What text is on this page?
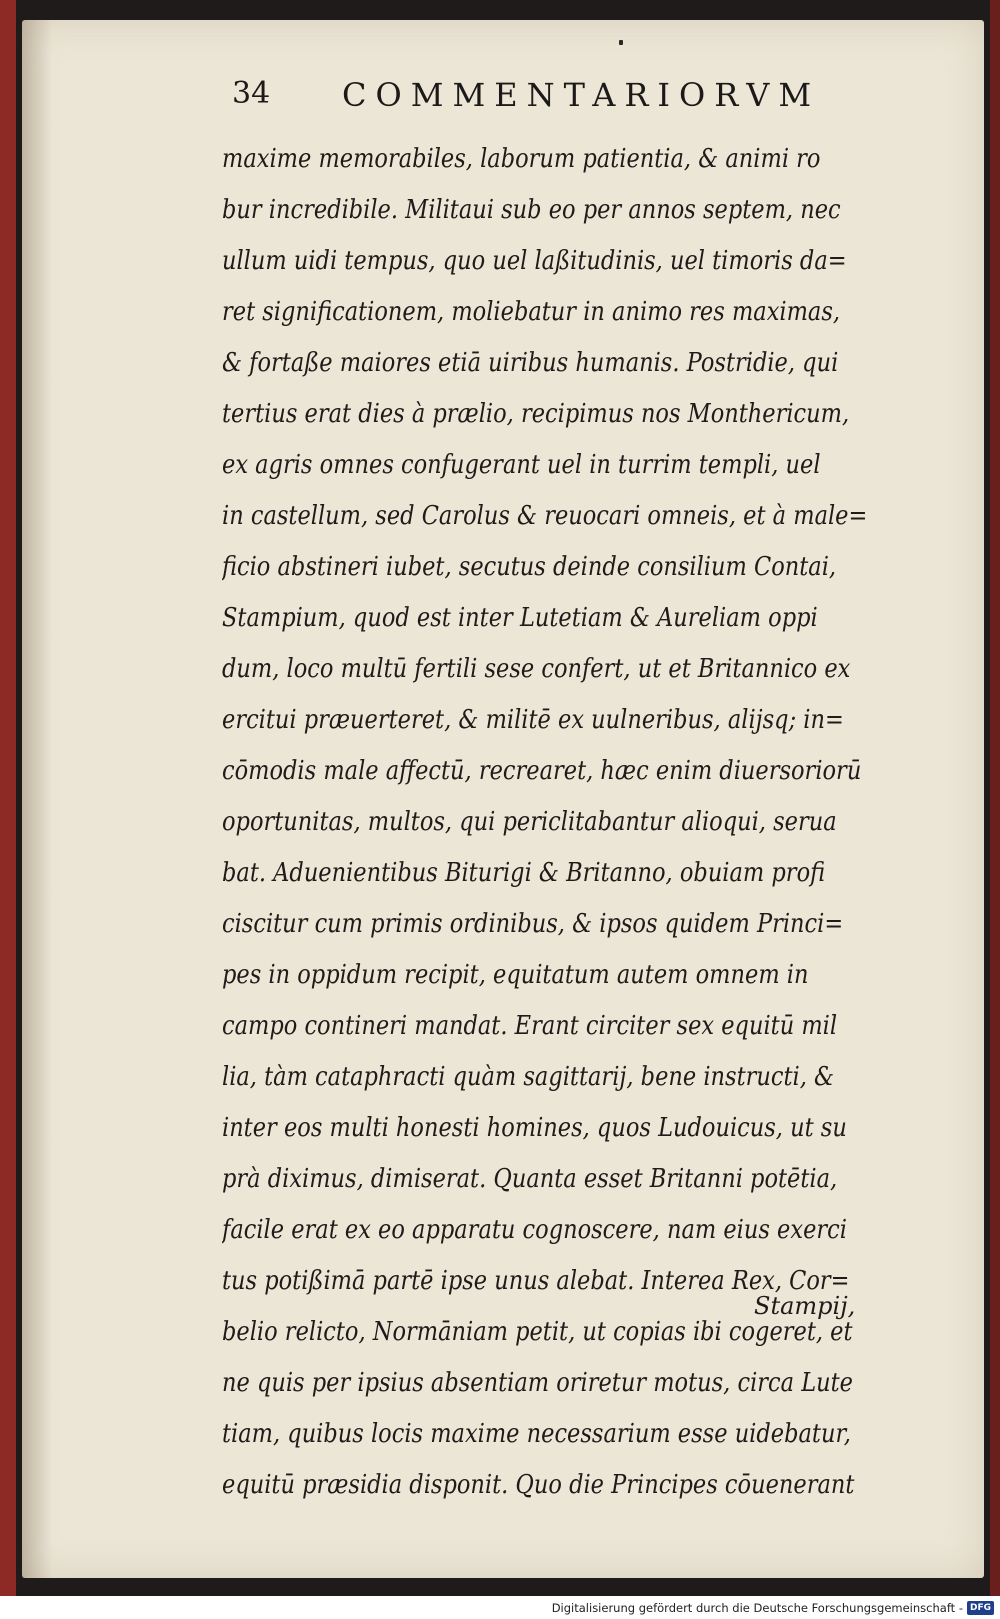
34 COMMENTARIORVM
maxime memorabiles, laborum patientia, & animi ro
bur incredibile. Militaui sub eo per annos septem, nec
ullum uidi tempus, quo uel laßitudinis, uel timoris da=
ret significationem, moliebatur in animo res maximas,
& fortaße maiores etiā uiribus humanis. Postridie, qui
tertius erat dies à prælio, recipimus nos Monthericum,
ex agris omnes confugerant uel in turrim templi, uel
in castellum, sed Carolus & reuocari omneis, et à male=
ficio abstineri iubet, secutus deinde consilium Contai,
Stampium, quod est inter Lutetiam & Aureliam oppi
dum, loco multū fertili sese confert, ut et Britannico ex
ercitui præuerteret, & militē ex uulneribus, alijsq; in=
cōmodis male affectū, recrearet, hæc enim diuersoriorū
oportunitas, multos, qui periclitabantur alioqui, serua
bat. Aduenientibus Biturigi & Britanno, obuiam profi
ciscitur cum primis ordinibus, & ipsos quidem Princi=
pes in oppidum recipit, equitatum autem omnem in
campo contineri mandat. Erant circiter sex equitū mil
lia, tàm cataphracti quàm sagittarij, bene instructi, &
inter eos multi honesti homines, quos Ludouicus, ut su
prà diximus, dimiserat. Quanta esset Britanni potētia,
facile erat ex eo apparatu cognoscere, nam eius exerci
tus potißimā partē ipse unus alebat. Interea Rex, Cor=
belio relicto, Normāniam petit, ut copias ibi cogeret, et
ne quis per ipsius absentiam oriretur motus, circa Lute
tiam, quibus locis maxime necessarium esse uidebatur,
equitū præsidia disponit. Quo die Principes cōuenerant
Stampij,
Digitalisierung gefördert durch die Deutsche Forschungsgemeinschaft - DFG
